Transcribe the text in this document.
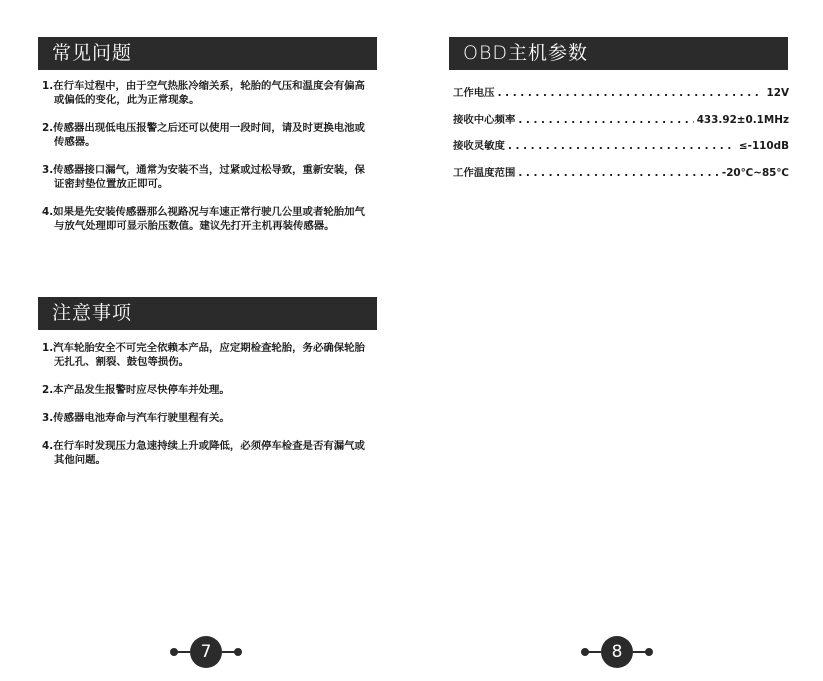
常见问题
1.在行车过程中，由于空气热胀冷缩关系，轮胎的气压和温度会有偏高或偏低的变化，此为正常现象。
2.传感器出现低电压报警之后还可以使用一段时间，请及时更换电池或传感器。
3.传感器接口漏气，通常为安装不当，过紧或过松导致，重新安装，保证密封垫位置放正即可。
4.如果是先安装传感器那么视路况与车速正常行驶几公里或者轮胎加气与放气处理即可显示胎压数值。建议先打开主机再装传感器。
注意事项
1.汽车轮胎安全不可完全依赖本产品，应定期检查轮胎，务必确保轮胎无扎孔、割裂、鼓包等损伤。
2.本产品发生报警时应尽快停车并处理。
3.传感器电池寿命与汽车行驶里程有关。
4.在行车时发现压力急速持续上升或降低，必须停车检查是否有漏气或其他问题。
7
OBD主机参数
工作电压 . . .	12V
接收中心频率 . . .	433.92±0.1MHz
接收灵敏度 . . .	≤-110dB
工作温度范围 . . .	-20℃~85℃
8
